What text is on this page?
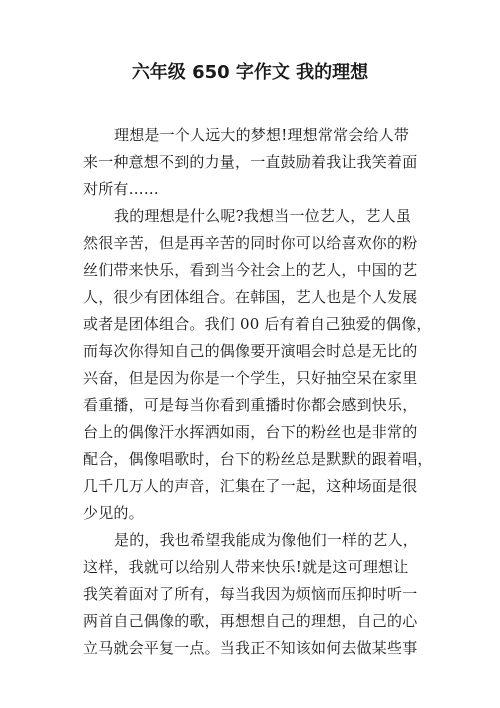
六年级 650 字作文 我的理想
理想是一个人远大的梦想!理想常常会给人带
来一种意想不到的力量，一直鼓励着我让我笑着面
对所有……
我的理想是什么呢?我想当一位艺人，艺人虽
然很辛苦，但是再辛苦的同时你可以给喜欢你的粉
丝们带来快乐，看到当今社会上的艺人，中国的艺
人，很少有团体组合。在韩国，艺人也是个人发展
或者是团体组合。我们 00 后有着自己独爱的偶像，
而每次你得知自己的偶像要开演唱会时总是无比的
兴奋，但是因为你是一个学生，只好抽空呆在家里
看重播，可是每当你看到重播时你都会感到快乐，
台上的偶像汗水挥洒如雨，台下的粉丝也是非常的
配合，偶像唱歌时，台下的粉丝总是默默的跟着唱，
几千几万人的声音，汇集在了一起，这种场面是很
少见的。
是的，我也希望我能成为像他们一样的艺人，
这样，我就可以给别人带来快乐!就是这可理想让
我笑着面对了所有，每当我因为烦恼而压抑时听一
两首自己偶像的歌，再想想自己的理想，自己的心
立马就会平复一点。当我正不知该如何去做某些事
